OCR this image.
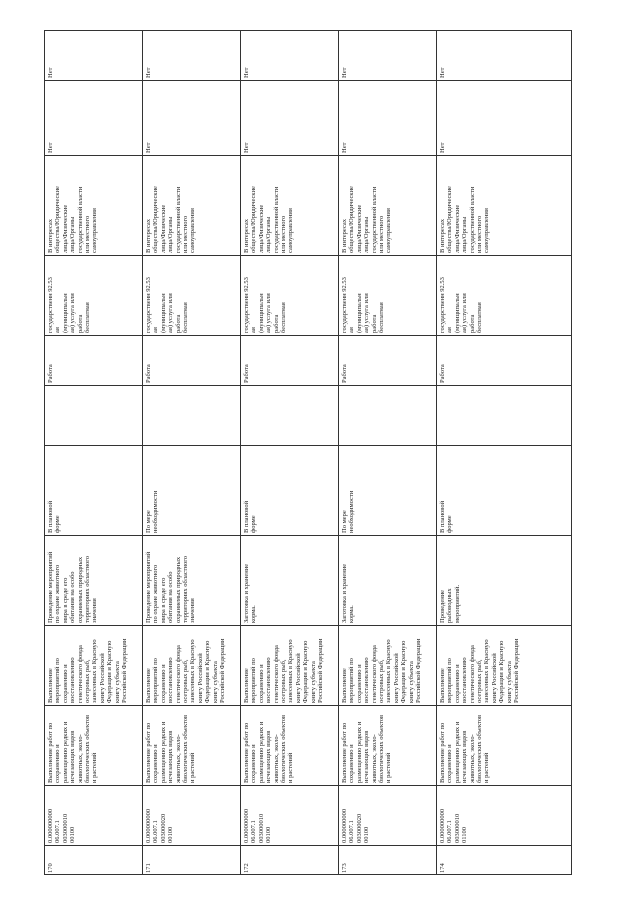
170
0.000000000 06.007.1
003000010
00100
Выполнение работ по
сохранению и
размещению редких и
исчезающих видов
животных, эколо-
биологических объектов
и растений
Выполнение
мероприятий по
сохранению и
восстановлению
генетического фонда
осетровых рыб,
занесенных в Красную
книгу Российской
Федерации и Красную
книгу субъекта
Российской Федерации
Проведение мероприятий
по охране животного
мира в среде его
обитания на особо
охраняемых природных
территориях областного
значения
В плановой
форме
Работа
государственн 92.53
ая
(муниципальн
ая) услуга или
работа
бесплатная
В интересах
общества/Юридические
лица/Физические
лица/Органы
государственной власти
или местного
самоуправления
Нет
Нет
171
0.000000000 06.007.1
003000020
00100
Выполнение работ по
сохранению и
размещению редких и
исчезающих видов
животных, эколо-
биологических объектов
и растений
Выполнение
мероприятий по
сохранению и
восстановлению
генетического фонда
осетровых рыб,
занесенных в Красную
книгу Российской
Федерации и Красную
книгу субъекта
Российской Федерации
Проведение мероприятий
по охране животного
мира в среде его
обитания на особо
охраняемых природных
территориях областного
значения
По мере
необходимости
Работа
государственн 92.53
ая
(муниципальн
ая) услуга или
работа
бесплатная
В интересах
общества/Юридические
лица/Физические
лица/Органы
государственной власти
или местного
самоуправления
Нет
Нет
172
0.000000000 06.007.1
003000010
00100
Выполнение работ по
сохранению и
размещению редких и
исчезающих видов
животных, эколо-
биологических объектов
и растений
Выполнение
мероприятий по
сохранению и
восстановлению
генетического фонда
осетровых рыб,
занесенных в Красную
книгу Российской
Федерации и Красную
книгу субъекта
Российской Федерации
Заготовка и хранение
корма.
В плановой
форме
Работа
государственн 92.53
ая
(муниципальн
ая) услуга или
работа
бесплатная
В интересах
общества/Юридические
лица/Физические
лица/Органы
государственной власти
или местного
самоуправления
Нет
Нет
173
0.000000000 06.007.1
003000020
00100
Выполнение работ по
сохранению и
размещению редких и
исчезающих видов
животных, эколо-
биологических объектов
и растений
Выполнение
мероприятий по
сохранению и
восстановлению
генетического фонда
осетровых рыб,
занесенных в Красную
книгу Российской
Федерации и Красную
книгу субъекта
Российской Федерации
Заготовка и хранение
корма.
По мере
необходимости
Работа
государственн 92.53
ая
(муниципальн
ая) услуга или
работа
бесплатная
В интересах
общества/Юридические
лица/Физические
лица/Органы
государственной власти
или местного
самоуправления
Нет
Нет
174
0.000000000 06.007.1
003000010
01100
Выполнение работ по
сохранению и
размещению редких и
исчезающих видов
животных, эколо-
биологических объектов
и растений
Выполнение
мероприятий по
сохранению и
восстановлению
генетического фонда
осетровых рыб,
занесенных в Красную
книгу Российской
Федерации и Красную
книгу субъекта
Российской Федерации
Проведение
рыбоводных
мероприятий.
В плановой
форме
Работа
государственн 92.53
ая
(муниципальн
ая) услуга или
работа
бесплатная
В интересах
общества/Юридические
лица/Физические
лица/Органы
государственной власти
или местного
самоуправления
Нет
Нет
